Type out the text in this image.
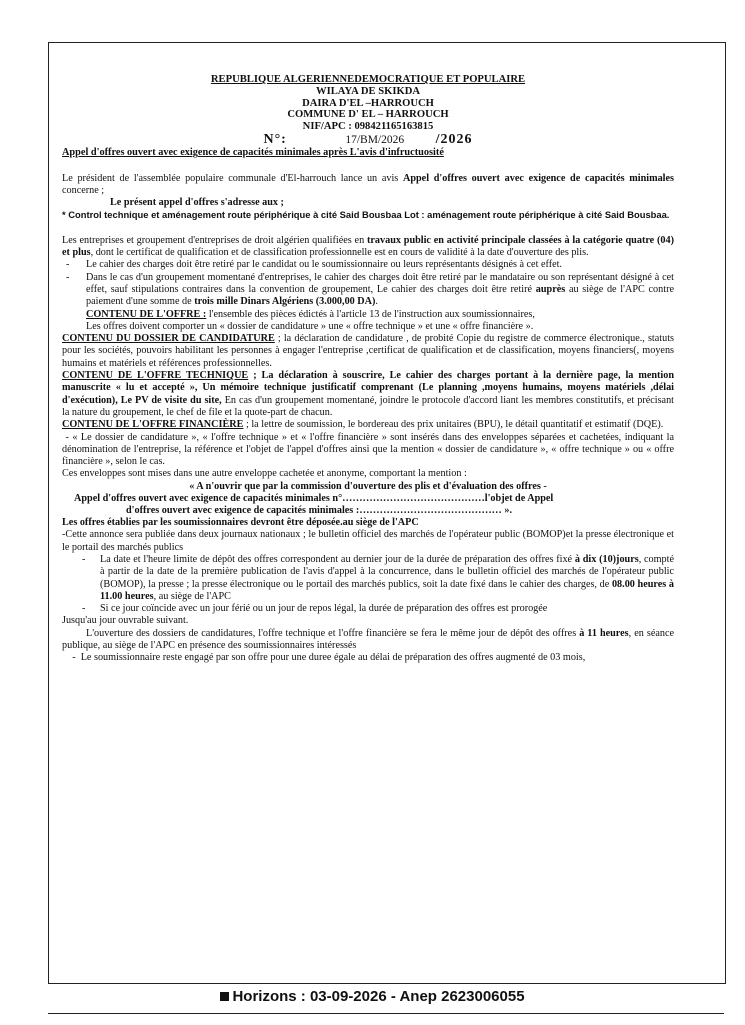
REPUBLIQUE ALGERIENNEDEMOCRATIQUE ET POPULAIRE
WILAYA DE SKIKDA
DAIRA D'EL –HARROUCH
COMMUNE D' EL – HARROUCH
NIF/APC : 098421165163815
N°:	17/BM/2026 /2026
Appel d'offres ouvert avec exigence de capacités minimales après L'avis d'infructuosité

Le président de l'assemblée populaire communale d'El-harrouch lance un avis Appel d'offres ouvert avec exigence de capacités minimales concerne ;

Le présent appel d'offres s'adresse aux ;

* Control technique et aménagement route périphérique à cité Said Bousbaa Lot : aménagement route périphérique à cité Said Bousbaa.

Les entreprises et groupement d'entreprises de droit algérien qualifiées en travaux public en activité principale classées à la catégorie quatre (04) et plus, dont le certificat de qualification et de classification professionnelle est en cours de validité à la date d'ouverture des plis.

- Le cahier des charges doit être retiré par le candidat ou le soumissionnaire ou leurs représentants désignés à cet effet.

- Dans le cas d'un groupement momentané d'entreprises, le cahier des charges doit être retiré par le mandataire ou son représentant désigné à cet effet, sauf stipulations contraires dans la convention de groupement, Le cahier des charges doit être retiré auprès au siège de l'APC contre paiement d'une somme de trois mille Dinars Algériens (3.000,00 DA).

CONTENU DE L'OFFRE : l'ensemble des pièces édictés à l'article 13 de l'instruction aux soumissionnaires,

Les offres doivent comporter un « dossier de candidature » une « offre technique » et une « offre financière ».

CONTENU DU DOSSIER DE CANDIDATURE ; la déclaration de candidature , de probité Copie du registre de commerce électronique., statuts pour les sociétés, pouvoirs habilitant les personnes à engager l'entreprise ,certificat de qualification et de classification, moyens financiers(, moyens humains et matériels et références professionnelles.

CONTENU DE L'OFFRE TECHNIQUE ; La déclaration à souscrire, Le cahier des charges portant à la dernière page, la mention manuscrite « lu et accepté », Un mémoire technique justificatif comprenant (Le planning ,moyens humains, moyens matériels ,délai d'exécution), Le PV de visite du site, En cas d'un groupement momentané, joindre le protocole d'accord liant les membres constitutifs, et précisant la nature du groupement, le chef de file et la quote-part de chacun.

CONTENU DE L'OFFRE FINANCIÈRE ; la lettre de soumission, le bordereau des prix unitaires (BPU), le détail quantitatif et estimatif (DQE).

- « Le dossier de candidature », « l'offre technique » et « l'offre financière » sont insérés dans des enveloppes séparées et cachetées, indiquant la dénomination de l'entreprise, la référence et l'objet de l'appel d'offres ainsi que la mention « dossier de candidature », « offre technique » ou « offre financière », selon le cas.

Ces enveloppes sont mises dans une autre enveloppe cachetée et anonyme, comportant la mention :

« A n'ouvrir que par la commission d'ouverture des plis et d'évaluation des offres -

Appel d'offres ouvert avec exigence de capacités minimales n°……………………………………l'objet de Appel

d'offres ouvert avec exigence de capacités minimales :…………………………………… ».

Les offres établies par les soumissionnaires devront être déposée.au siège de l'APC

-Cette annonce sera publiée dans deux journaux nationaux ; le bulletin officiel des marchés de l'opérateur public (BOMOP)et la presse électronique et le portail des marchés publics

- La date et l'heure limite de dépôt des offres correspondent au dernier jour de la durée de préparation des offres fixé à dix (10)jours, compté à partir de la date de la première publication de l'avis d'appel à la concurrence, dans le bulletin officiel des marchés de l'opérateur public (BOMOP), la presse ; la presse électronique ou le portail des marchés publics, soit la date fixé dans le cahier des charges, de 08.00 heures à 11.00 heures, au siège de l'APC

- Si ce jour coïncide avec un jour férié ou un jour de repos légal, la durée de préparation des offres est prorogée

Jusqu'au jour ouvrable suivant.

L'ouverture des dossiers de candidatures, l'offre technique et l'offre financière se fera le même jour de dépôt des offres à 11 heures, en séance publique, au siège de l'APC en présence des soumissionnaires intéressés

-  Le soumissionnaire reste engagé par son offre pour une duree égale au délai de préparation des offres augmenté de 03 mois,

Horizons : 03-09-2026 - Anep 2623006055
